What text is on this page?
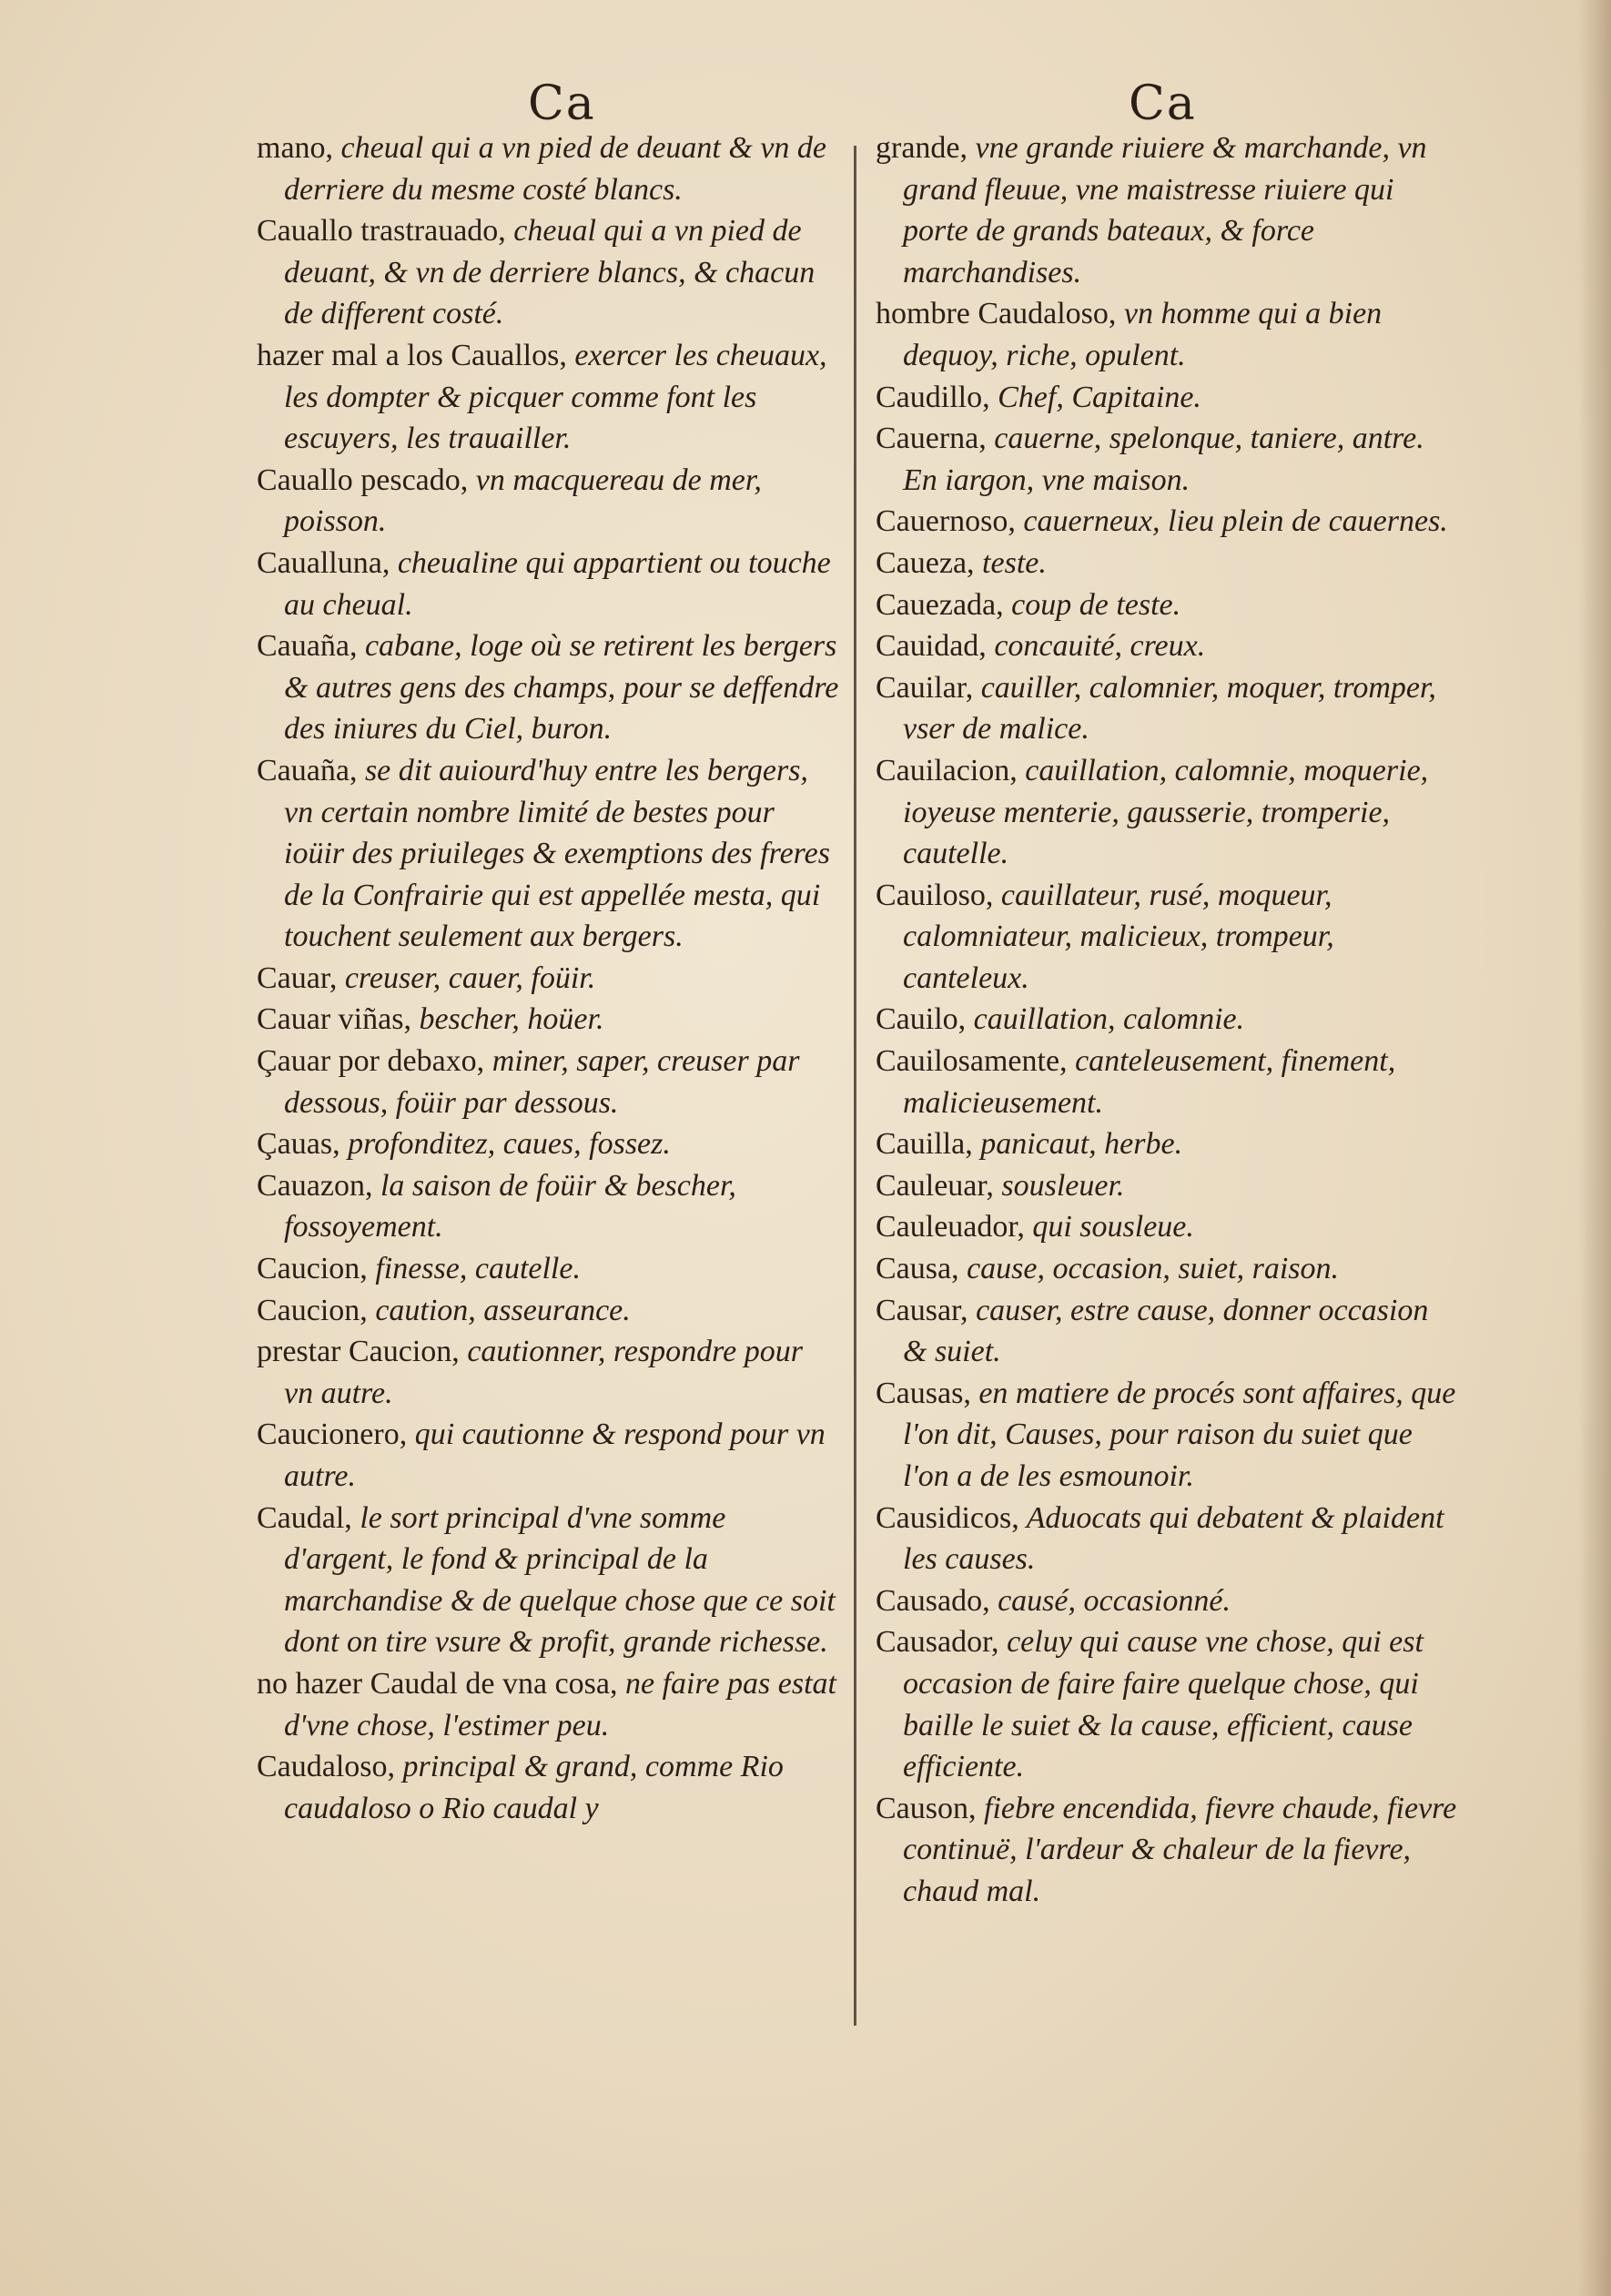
Ca	Ca

mano, cheual qui a vn pied de deuant & vn de derriere du mesme costé blancs.

Cauallo trastrauado, cheual qui a vn pied de deuant, & vn de derriere blancs, & chacun de different costé.

hazer mal a los Cauallos, exercer les cheuaux, les dompter & picquer comme font les escuyers, les trauailler.

Cauallo pescado, vn macquereau de mer, poisson.

Caualluna, cheualine qui appartient ou touche au cheual.

Cauaña, cabane, loge où se retirent les bergers & autres gens des champs, pour se deffendre des iniures du Ciel, buron.

Cauaña, se dit auiourd'huy entre les bergers, vn certain nombre limité de bestes pour ioüir des priuileges & exemptions des freres de la Confrairie qui est appellée mesta, qui touchent seulement aux bergers.

Cauar, creuser, cauer, foüir.

Cauar viñas, bescher, hoüer.

Çauar por debaxo, miner, saper, creuser par dessous, foüir par dessous.

Çauas, profonditez, caues, fossez.

Cauazon, la saison de foüir & bescher, fossoyement.

Caucion, finesse, cautelle.

Caucion, caution, asseurance.

prestar Caucion, cautionner, respondre pour vn autre.

Caucionero, qui cautionne & respond pour vn autre.

Caudal, le sort principal d'vne somme d'argent, le fond & principal de la marchandise & de quelque chose que ce soit dont on tire vsure & profit, grande richesse.

no hazer Caudal de vna cosa, ne faire pas estat d'vne chose, l'estimer peu.

Caudaloso, principal & grand, comme Rio caudaloso o Rio caudal y

grande, vne grande riuiere & marchande, vn grand fleuue, vne maistresse riuiere qui porte de grands bateaux, & force marchandises.

hombre Caudaloso, vn homme qui a bien dequoy, riche, opulent.

Caudillo, Chef, Capitaine.

Cauerna, cauerne, spelonque, taniere, antre. En iargon, vne maison.

Cauernoso, cauerneux, lieu plein de cauernes.

Caueza, teste.

Cauezada, coup de teste.

Cauidad, concauité, creux.

Cauilar, cauiller, calomnier, moquer, tromper, vser de malice.

Cauilacion, cauillation, calomnie, moquerie, ioyeuse menterie, gausserie, tromperie, cautelle.

Cauiloso, cauillateur, rusé, moqueur, calomniateur, malicieux, trompeur, canteleux.

Cauilo, cauillation, calomnie.

Cauilosamente, canteleusement, finement, malicieusement.

Cauilla, panicaut, herbe.

Cauleuar, sousleuer.

Cauleuador, qui sousleue.

Causa, cause, occasion, suiet, raison.

Causar, causer, estre cause, donner occasion & suiet.

Causas, en matiere de procés sont affaires, que l'on dit, Causes, pour raison du suiet que l'on a de les esmounoir.

Causidicos, Aduocats qui debatent & plaident les causes.

Causado, causé, occasionné.

Causador, celuy qui cause vne chose, qui est occasion de faire faire quelque chose, qui baille le suiet & la cause, efficient, cause efficiente.

Causon, fiebre encendida, fievre chaude, fievre continuë, l'ardeur & chaleur de la fievre, chaud mal.
